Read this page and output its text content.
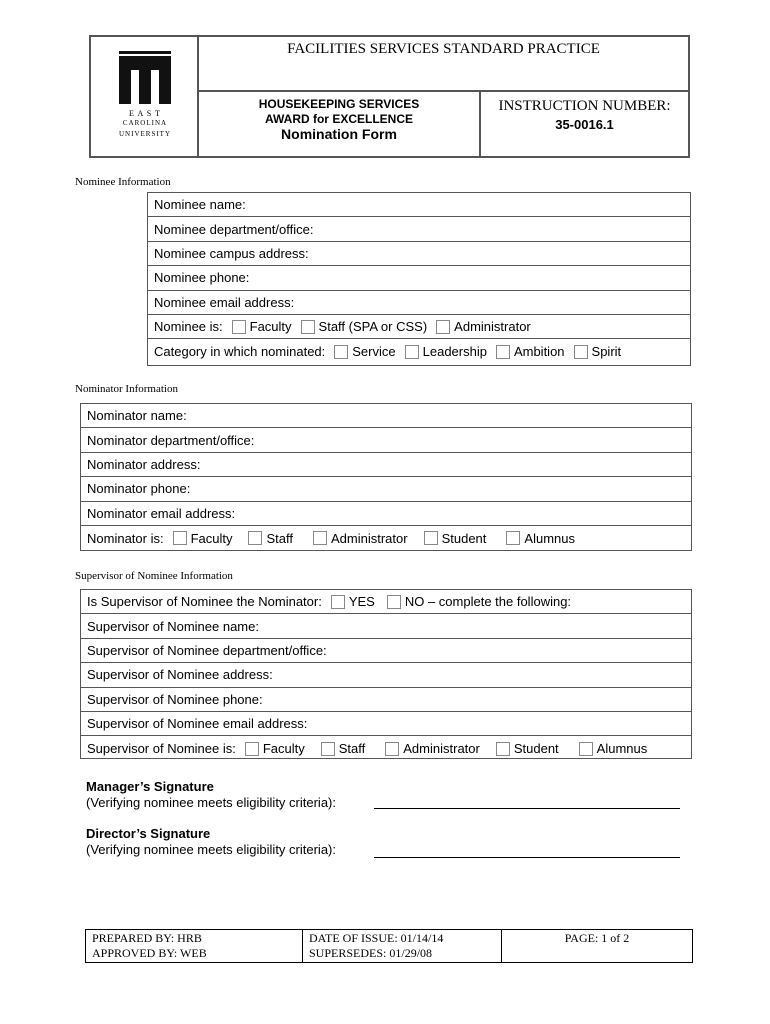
E A S T
CAROLINA
UNIVERSITY
FACILITIES SERVICES STANDARD PRACTICE
HOUSEKEEPING SERVICES
AWARD for EXCELLENCE
Nomination Form
INSTRUCTION NUMBER:
35-0016.1
Nominee Information
Nominee name:
Nominee department/office:
Nominee campus address:
Nominee phone:
Nominee email address:
Nominee is: Faculty Staff (SPA or CSS) Administrator
Category in which nominated: Service Leadership Ambition Spirit
Nominator Information
Nominator name:
Nominator department/office:
Nominator address:
Nominator phone:
Nominator email address:
Nominator is: Faculty	Staff	Administrator	Student	Alumnus
Supervisor of Nominee Information
Is Supervisor of Nominee the Nominator: YES NO – complete the following:
Supervisor of Nominee name:
Supervisor of Nominee department/office:
Supervisor of Nominee address:
Supervisor of Nominee phone:
Supervisor of Nominee email address:
Supervisor of Nominee is: Faculty	Staff	Administrator	Student	Alumnus
Manager’s Signature
(Verifying nominee meets eligibility criteria):
Director’s Signature
(Verifying nominee meets eligibility criteria):
PREPARED BY: HRB
APPROVED BY: WEB
DATE OF ISSUE: 01/14/14
SUPERSEDES: 01/29/08
PAGE: 1 of 2
